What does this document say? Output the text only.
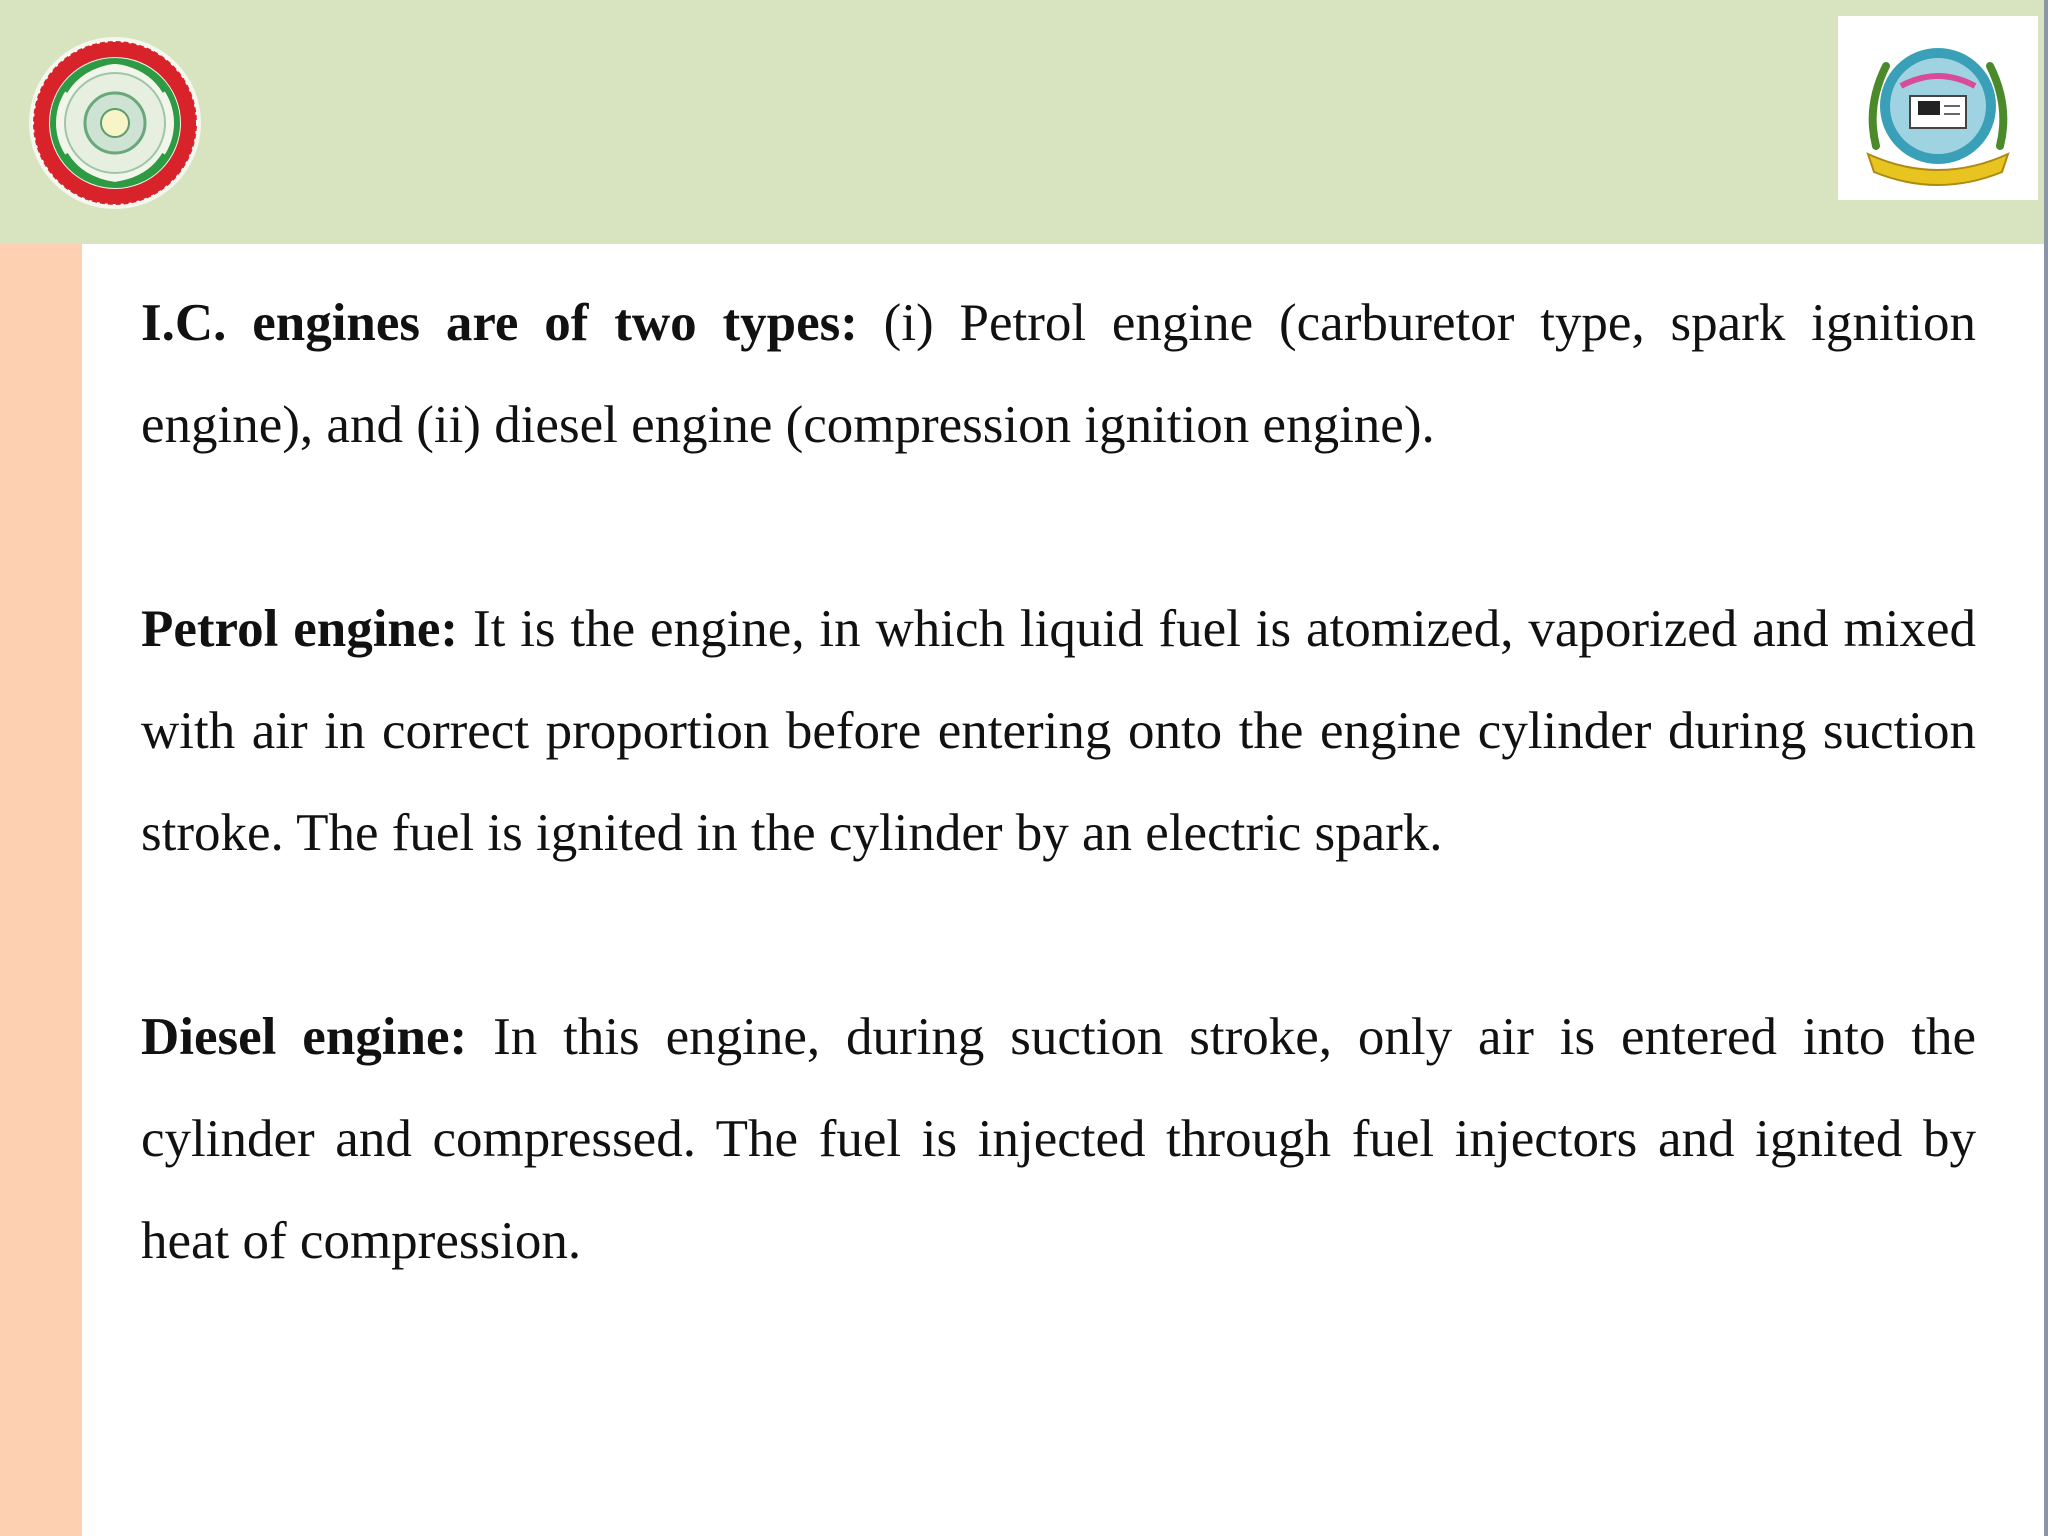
I.C. engines are of two types: (i) Petrol engine (carburetor type, spark ignition engine), and (ii) diesel engine (compression ignition engine).

Petrol engine: It is the engine, in which liquid fuel is atomized, vaporized and mixed with air in correct proportion before entering onto the engine cylinder during suction stroke. The fuel is ignited in the cylinder by an electric spark.

Diesel engine: In this engine, during suction stroke, only air is entered into the cylinder and compressed. The fuel is injected through fuel injectors and ignited by heat of compression.
